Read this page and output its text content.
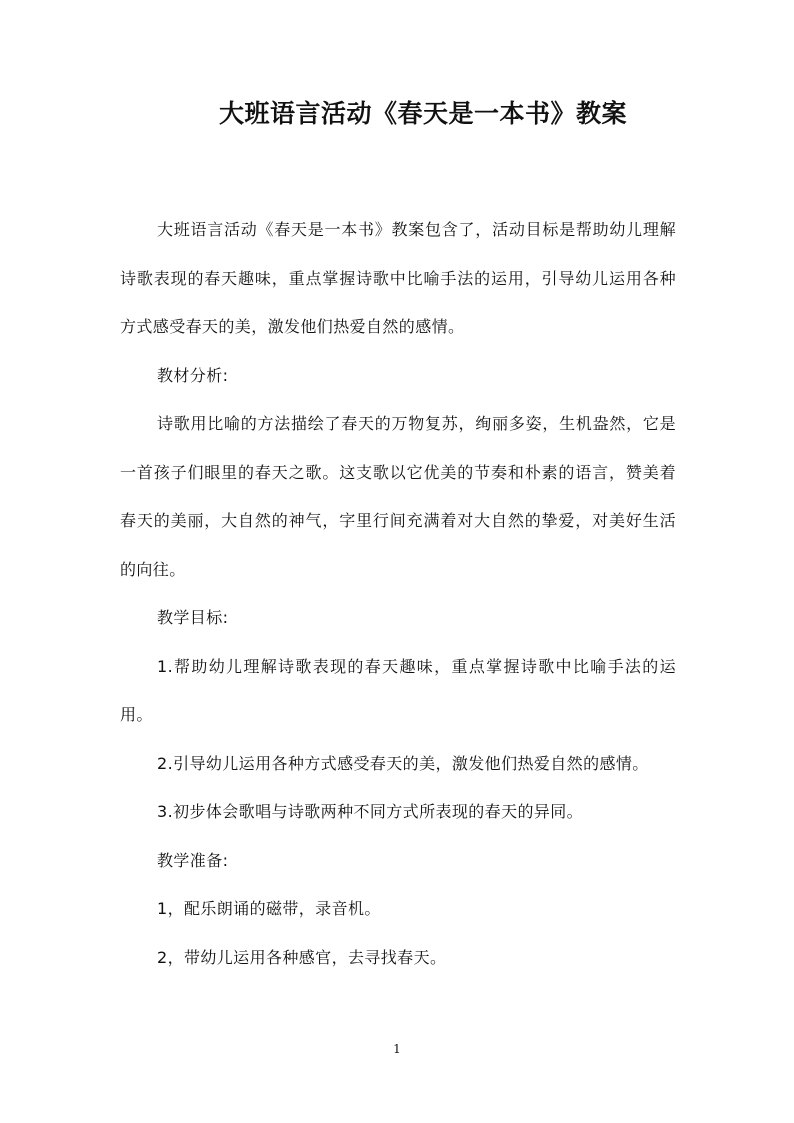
大班语言活动《春天是一本书》教案

大班语言活动《春天是一本书》教案包含了，活动目标是帮助幼儿理解诗歌表现的春天趣味，重点掌握诗歌中比喻手法的运用，引导幼儿运用各种方式感受春天的美，激发他们热爱自然的感情。

教材分析:

诗歌用比喻的方法描绘了春天的万物复苏，绚丽多姿，生机盎然，它是一首孩子们眼里的春天之歌。这支歌以它优美的节奏和朴素的语言，赞美着春天的美丽，大自然的神气，字里行间充满着对大自然的挚爱，对美好生活的向往。

教学目标:

1.帮助幼儿理解诗歌表现的春天趣味，重点掌握诗歌中比喻手法的运用。

2.引导幼儿运用各种方式感受春天的美，激发他们热爱自然的感情。

3.初步体会歌唱与诗歌两种不同方式所表现的春天的异同。

教学准备:

1，配乐朗诵的磁带，录音机。

2，带幼儿运用各种感官，去寻找春天。

1
